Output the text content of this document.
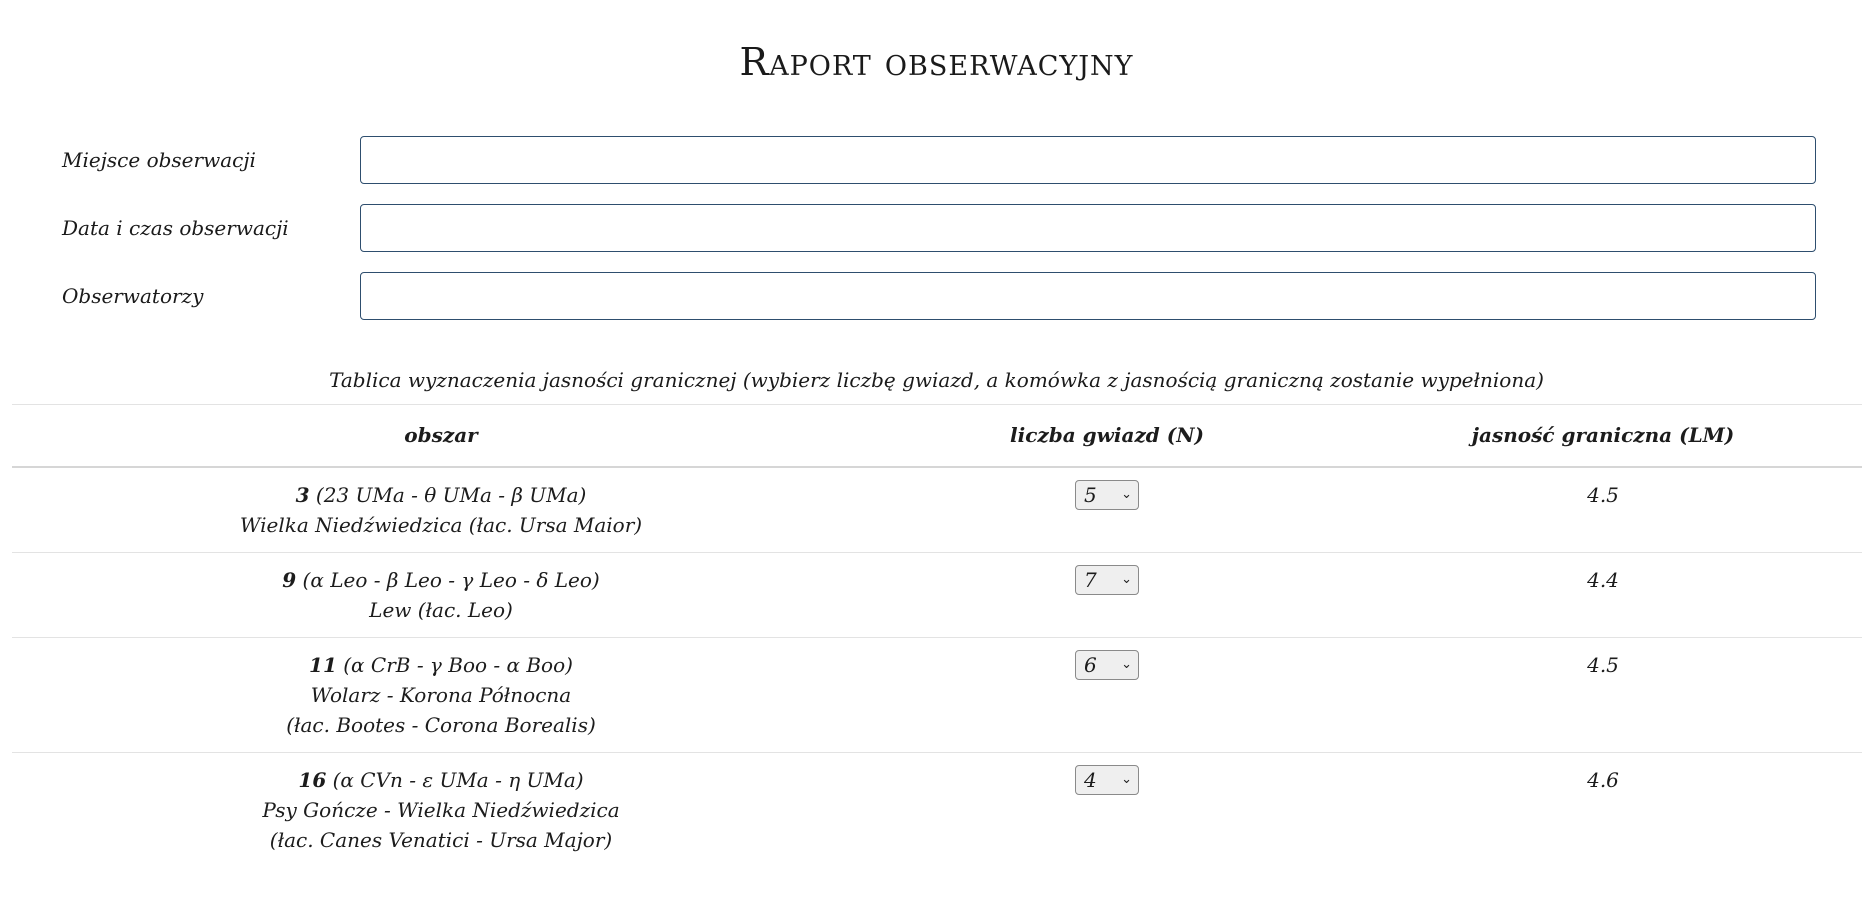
Raport obserwacyjny
Miejsce obserwacji
Data i czas obserwacji
Obserwatorzy
Tablica wyznaczenia jasności granicznej (wybierz liczbę gwiazd, a komówka z jasnością graniczną zostanie wypełniona)
obszar	liczba gwiazd (N)	jasność graniczna (LM)
3 (23 UMa - θ UMa - β UMa)
Wielka Niedźwiedzica (łac. Ursa Maior)	5 ⌄	4.5
9 (α Leo - β Leo - γ Leo - δ Leo)
Lew (łac. Leo)	7 ⌄	4.4
11 (α CrB - γ Boo - α Boo)
Wolarz - Korona Północna
(łac. Bootes - Corona Borealis)	6 ⌄	4.5
16 (α CVn - ε UMa - η UMa)
Psy Gończe - Wielka Niedźwiedzica
(łac. Canes Venatici - Ursa Major)	4 ⌄	4.6
